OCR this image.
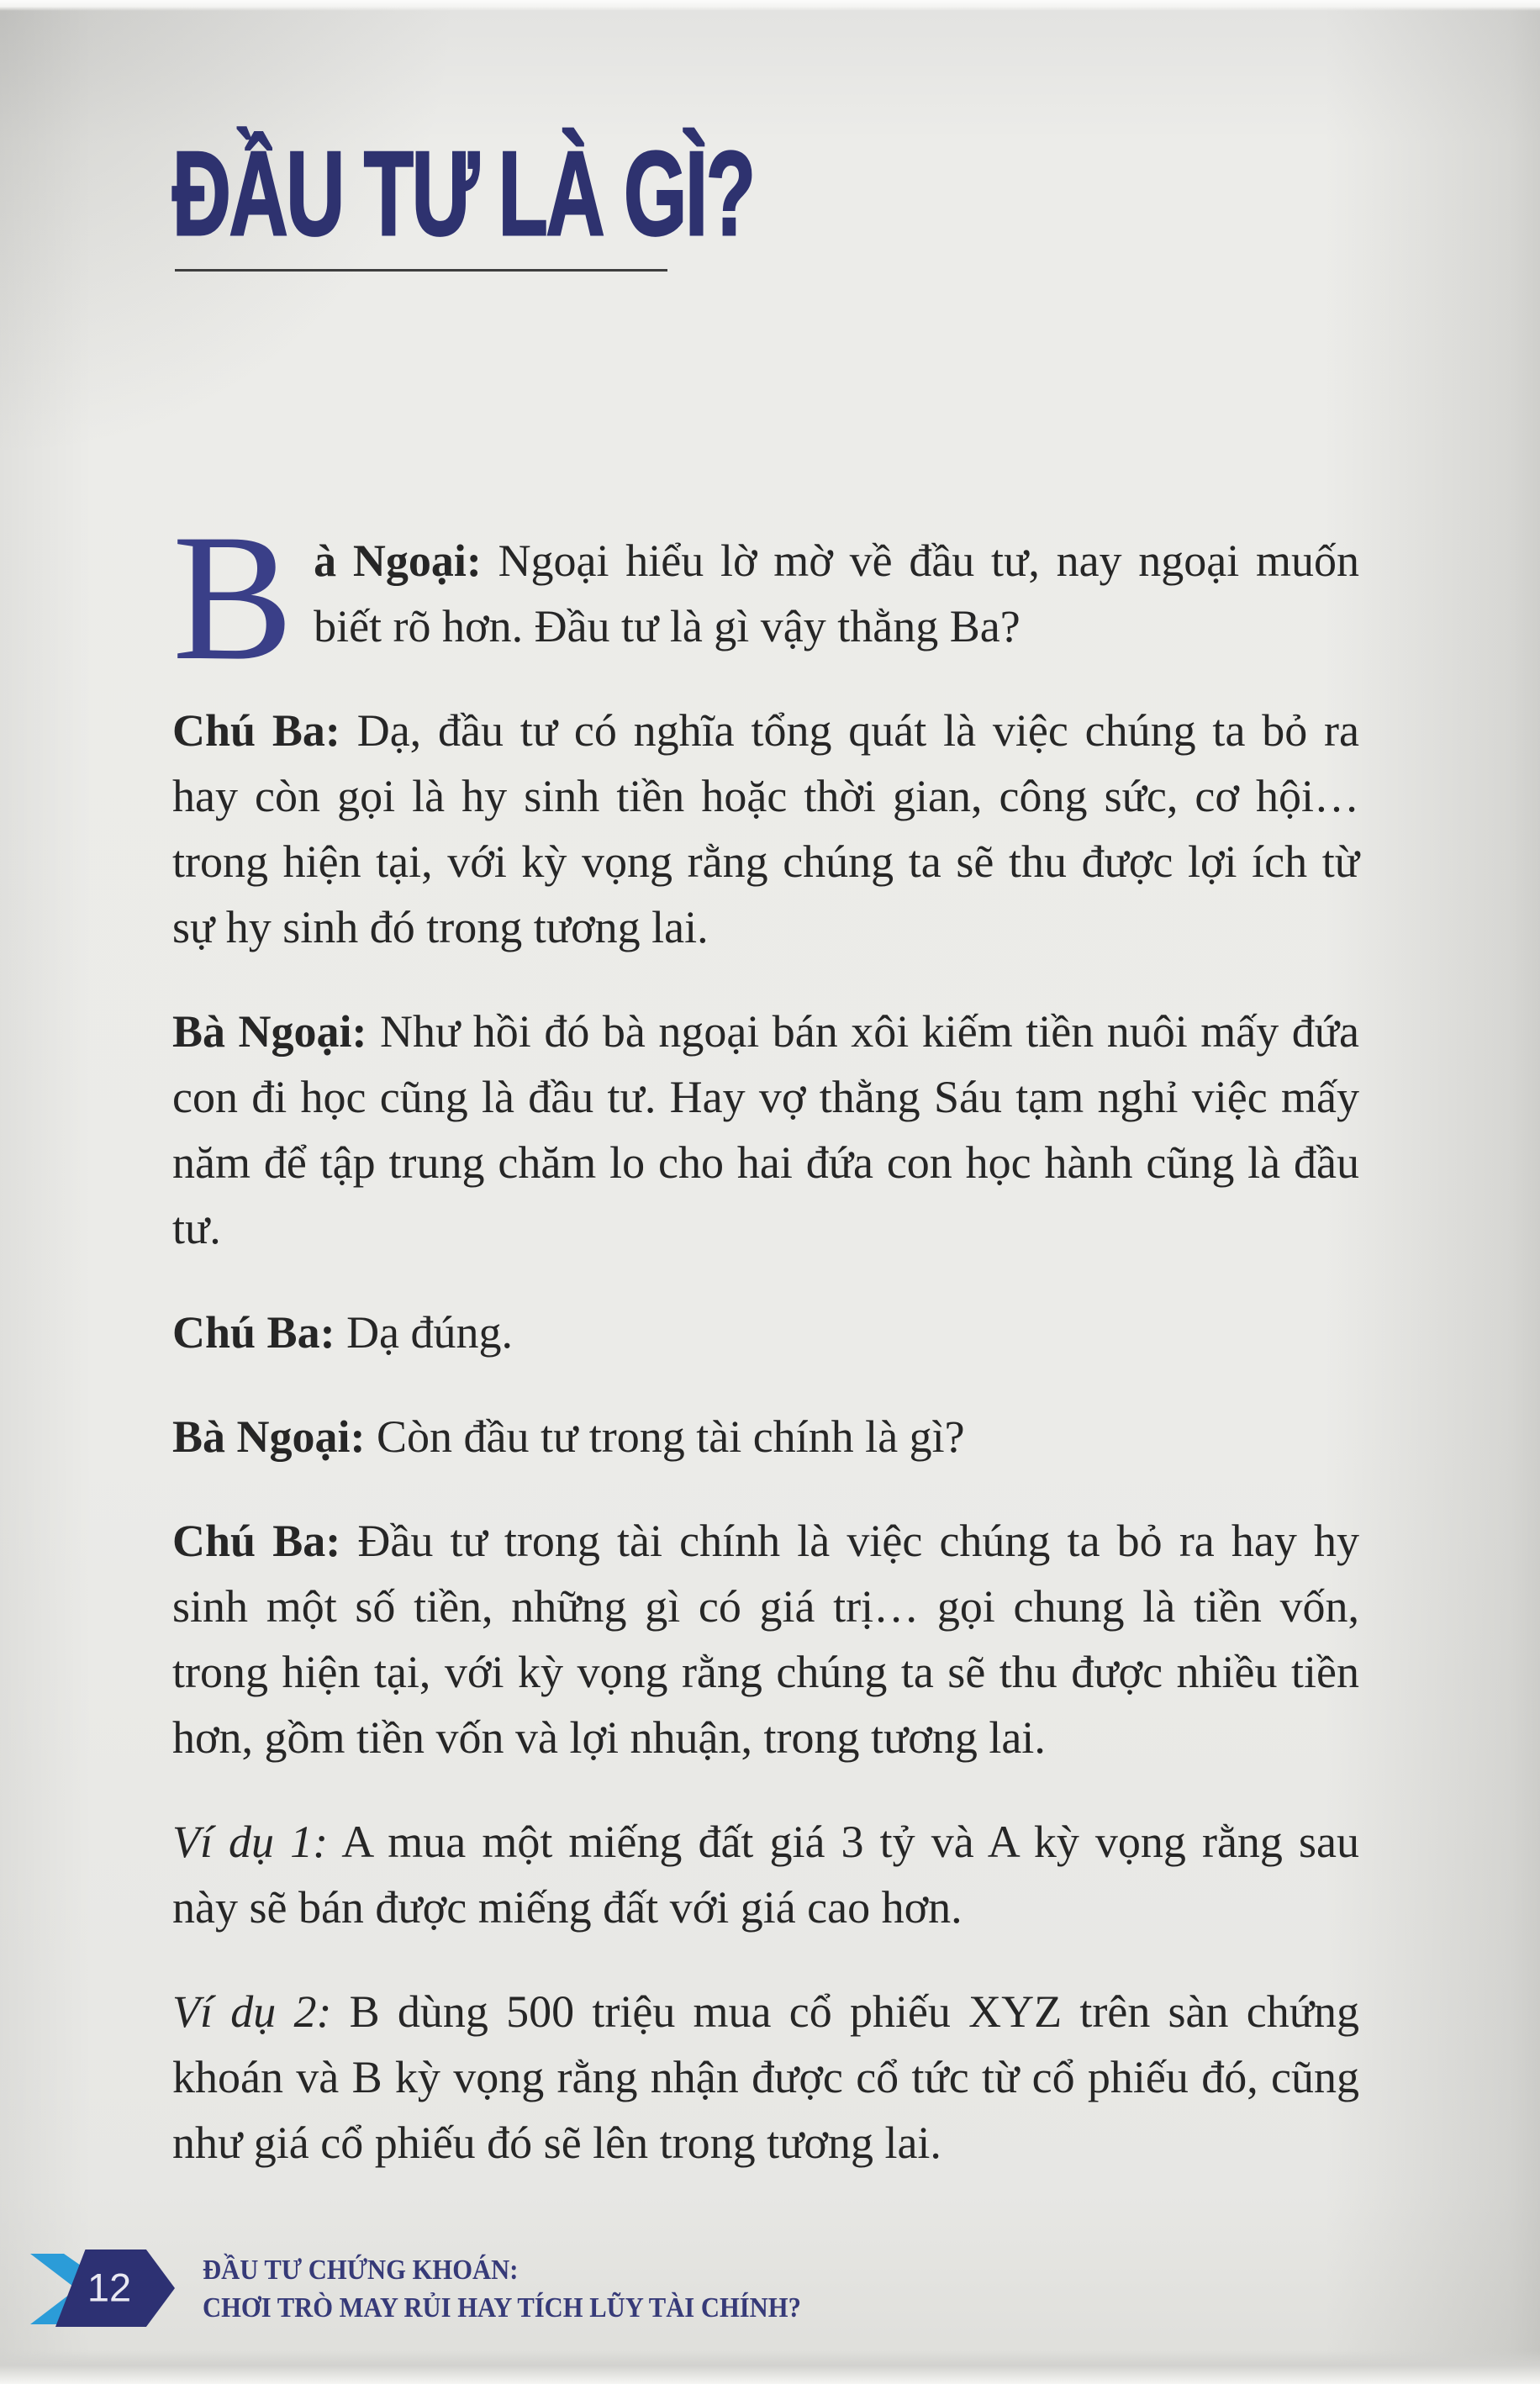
ĐẦU TƯ LÀ GÌ?

Bà Ngoại: Ngoại hiểu lờ mờ về đầu tư, nay ngoại muốn biết rõ hơn. Đầu tư là gì vậy thằng Ba?

Chú Ba: Dạ, đầu tư có nghĩa tổng quát là việc chúng ta bỏ ra hay còn gọi là hy sinh tiền hoặc thời gian, công sức, cơ hội… trong hiện tại, với kỳ vọng rằng chúng ta sẽ thu được lợi ích từ sự hy sinh đó trong tương lai.

Bà Ngoại: Như hồi đó bà ngoại bán xôi kiếm tiền nuôi mấy đứa con đi học cũng là đầu tư. Hay vợ thằng Sáu tạm nghỉ việc mấy năm để tập trung chăm lo cho hai đứa con học hành cũng là đầu tư.

Chú Ba: Dạ đúng.

Bà Ngoại: Còn đầu tư trong tài chính là gì?

Chú Ba: Đầu tư trong tài chính là việc chúng ta bỏ ra hay hy sinh một số tiền, những gì có giá trị… gọi chung là tiền vốn, trong hiện tại, với kỳ vọng rằng chúng ta sẽ thu được nhiều tiền hơn, gồm tiền vốn và lợi nhuận, trong tương lai.

Ví dụ 1: A mua một miếng đất giá 3 tỷ và A kỳ vọng rằng sau này sẽ bán được miếng đất với giá cao hơn.

Ví dụ 2: B dùng 500 triệu mua cổ phiếu XYZ trên sàn chứng khoán và B kỳ vọng rằng nhận được cổ tức từ cổ phiếu đó, cũng như giá cổ phiếu đó sẽ lên trong tương lai.

12	ĐẦU TƯ CHỨNG KHOÁN:
CHƠI TRÒ MAY RỦI HAY TÍCH LŨY TÀI CHÍNH?
